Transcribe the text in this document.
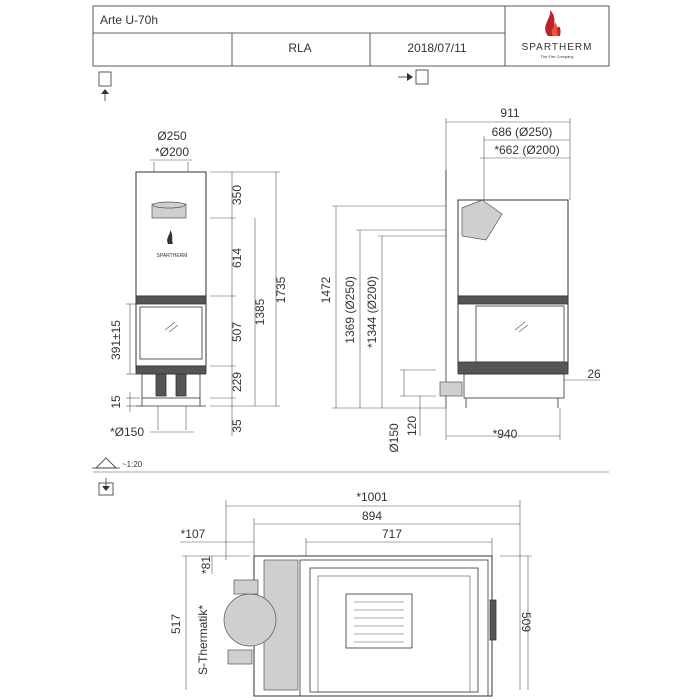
Arte U-70h
RLA	2018/07/11	SPARTHERM
The Fire Company
Ø250
*Ø200
SPARTHERM
350
614
507
229
35
1385
1735
391±15
15
*Ø150
911
686 (Ø250)
*662 (Ø200)
1472 1369 (Ø250) *1344 (Ø200)
Ø150 120	*940
26
~1:20
*1001
894
717
*107
*81
517	509
S-Thermatik*
